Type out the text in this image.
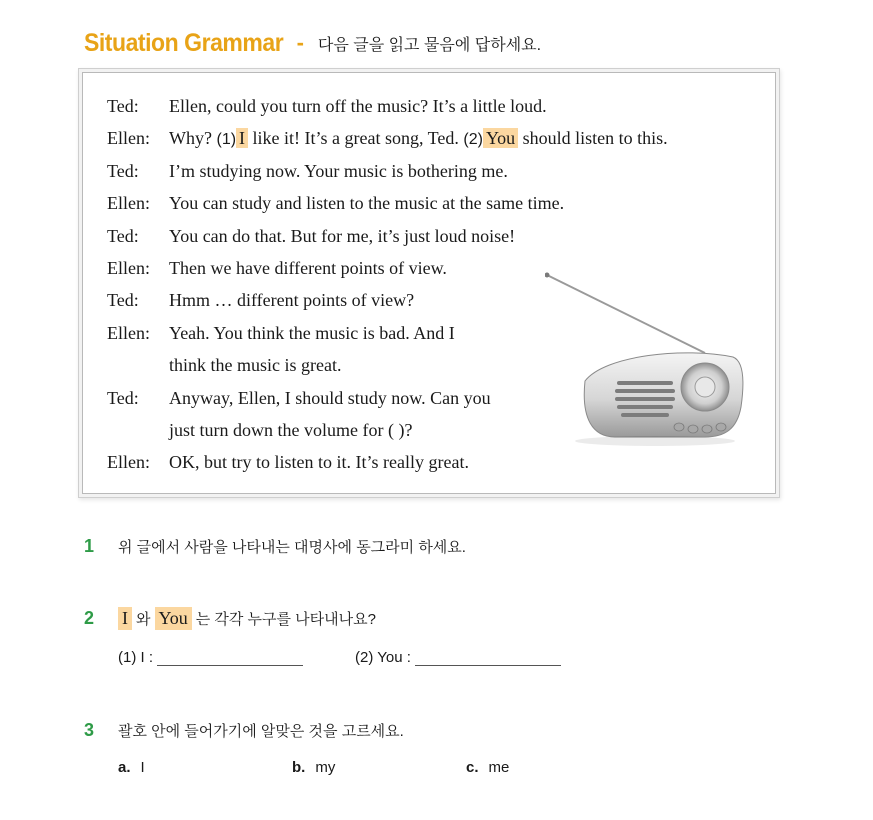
Situation Grammar - 다음 글을 읽고 물음에 답하세요.
Ted: Ellen, could you turn off the music? It’s a little loud.
Ellen: Why? (1) I like it! It’s a great song, Ted. (2) You should listen to this.
Ted: I’m studying now. Your music is bothering me.
Ellen: You can study and listen to the music at the same time.
Ted: You can do that. But for me, it’s just loud noise!
Ellen: Then we have different points of view.
Ted: Hmm … different points of view?
Ellen: Yeah. You think the music is bad. And I
think the music is great.
Ted: Anyway, Ellen, I should study now. Can you
just turn down the volume for ( )?
Ellen: OK, but try to listen to it. It’s really great.
1	위 글에서 사람을 나타내는 대명사에 동그라미 하세요.
2	I 와 You 는 각각 누구를 나타내나요?
(1) I :	(2) You :
3	괄호 안에 들어가기에 알맞은 것을 고르세요.
a. I	b. my	c. me
